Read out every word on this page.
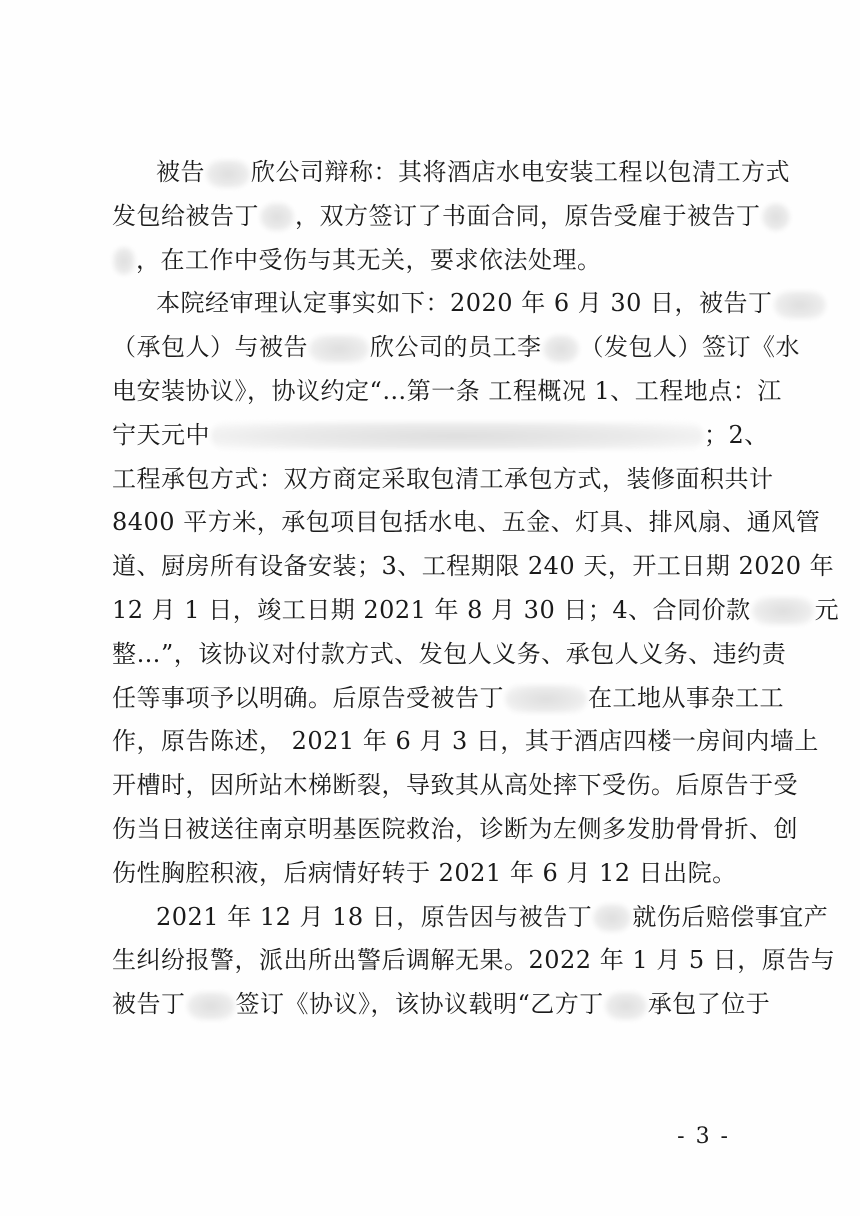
被告 欣公司辩称：其将酒店水电安装工程以包清工方式
发包给被告丁 ，双方签订了书面合同，原告受雇于被告丁
，在工作中受伤与其无关，要求依法处理。
本院经审理认定事实如下：2020 年 6 月 30 日，被告丁
（承包人）与被告	欣公司的员工李 （发包人）签订《水
电安装协议》，协议约定“…第一条 工程概况 1、工程地点：江
宁天元中	；2、
工程承包方式：双方商定采取包清工承包方式，装修面积共计
8400 平方米，承包项目包括水电、五金、灯具、排风扇、通风管
道、厨房所有设备安装；3、工程期限 240 天，开工日期 2020 年
12 月 1 日，竣工日期 2021 年 8 月 30 日；4、合同价款	元
整…”，该协议对付款方式、发包人义务、承包人义务、违约责
任等事项予以明确。后原告受被告丁	在工地从事杂工工
作，原告陈述， 2021 年 6 月 3 日，其于酒店四楼一房间内墙上
开槽时，因所站木梯断裂，导致其从高处摔下受伤。后原告于受
伤当日被送往南京明基医院救治，诊断为左侧多发肋骨骨折、创
伤性胸腔积液，后病情好转于 2021 年 6 月 12 日出院。
2021 年 12 月 18 日，原告因与被告丁 就伤后赔偿事宜产
生纠纷报警，派出所出警后调解无果。2022 年 1 月 5 日，原告与
被告丁 签订《协议》，该协议载明“乙方丁 承包了位于
- 3 -
